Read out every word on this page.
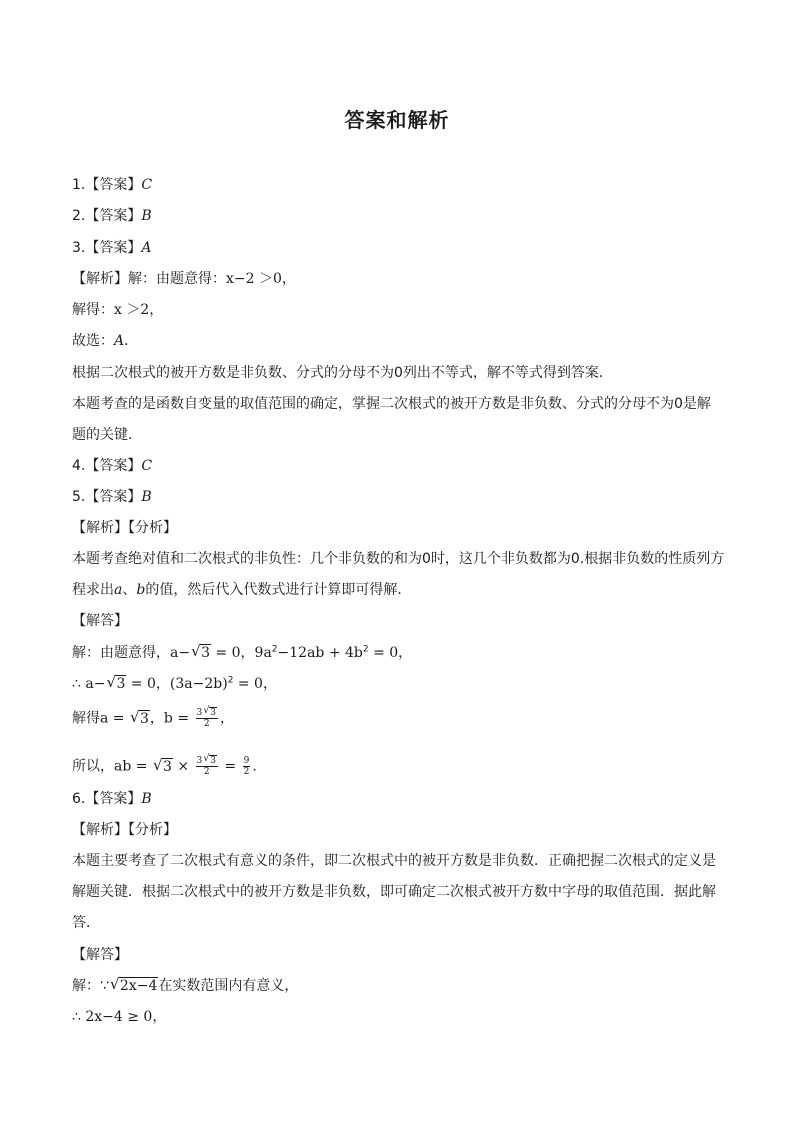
答案和解析
1.【答案】C
2.【答案】B
3.【答案】A
【解析】解：由题意得：x−2 ＞0，
解得：x ＞2，
故选：A．
根据二次根式的被开方数是非负数、分式的分母不为0列出不等式，解不等式得到答案．
本题考查的是函数自变量的取值范围的确定，掌握二次根式的被开方数是非负数、分式的分母不为0是解
题的关键．
4.【答案】C
5.【答案】B
【解析】【分析】
本题考查绝对值和二次根式的非负性：几个非负数的和为0时，这几个非负数都为0.根据非负数的性质列方
程求出a、b的值，然后代入代数式进行计算即可得解．
【解答】
解：由题意得，a− √ 3 = 0，$9a^2-12ab + 4b^2 = 0$，
∴ a− √ 3 = 0，$(3a-2b)^2 = 0$，
解得a = √ 3，$b = \frac{3 √ 3}{2}$ ，
所以，ab = √ $3 \times \frac{3 √ 3}{2} = \frac{9}{2}$ ．
6.【答案】B
【解析】【分析】
本题主要考查了二次根式有意义的条件，即二次根式中的被开方数是非负数．正确把握二次根式的定义是
解题关键．根据二次根式中的被开方数是非负数，即可确定二次根式被开方数中字母的取值范围．据此解
答．
【解答】
解：∵ √ 2x−4在实数范围内有意义，
∴ 2x−4 ≥ 0，
